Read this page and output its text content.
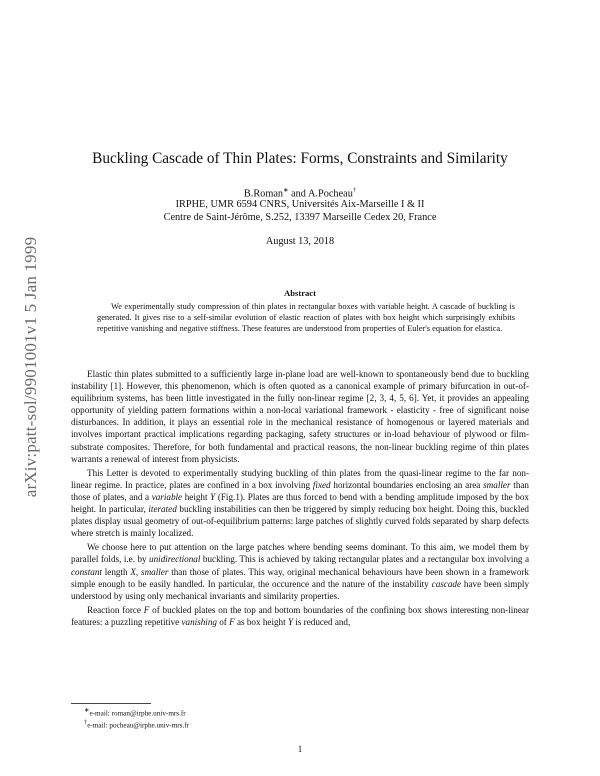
arXiv:patt-sol/9901001v1 5 Jan 1999
Buckling Cascade of Thin Plates: Forms, Constraints and Similarity
B.Roman∗ and A.Pocheau†
IRPHE, UMR 6594 CNRS, Universités Aix-Marseille I & II
Centre de Saint-Jérôme, S.252, 13397 Marseille Cedex 20, France
August 13, 2018
Abstract
We experimentally study compression of thin plates in rectangular boxes with variable height. A cascade of buckling is generated. It gives rise to a self-similar evolution of elastic reaction of plates with box height which surprisingly exhibits repetitive vanishing and negative stiffness. These features are understood from properties of Euler's equation for elastica.

Elastic thin plates submitted to a sufficiently large in-plane load are well-known to spontaneously bend due to buckling instability [1]. However, this phenomenon, which is often quoted as a canonical example of primary bifurcation in out-of-equilibrium systems, has been little investigated in the fully non-linear regime [2, 3, 4, 5, 6]. Yet, it provides an appealing opportunity of yielding pattern formations within a non-local variational framework - elasticity - free of significant noise disturbances. In addition, it plays an essential role in the mechanical resistance of homogenous or layered materials and involves important practical implications regarding packaging, safety structures or in-load behaviour of plywood or film-substrate composites. Therefore, for both fundamental and practical reasons, the non-linear buckling regime of thin plates warrants a renewal of interest from physicists.

This Letter is devoted to experimentally studying buckling of thin plates from the quasi-linear regime to the far non-linear regime. In practice, plates are confined in a box involving fixed horizontal boundaries enclosing an area smaller than those of plates, and a variable height Y (Fig.1). Plates are thus forced to bend with a bending amplitude imposed by the box height. In particular, iterated buckling instabilities can then be triggered by simply reducing box height. Doing this, buckled plates display usual geometry of out-of-equilibrium patterns: large patches of slightly curved folds separated by sharp defects where stretch is mainly localized.

We choose here to put attention on the large patches where bending seems dominant. To this aim, we model them by parallel folds, i.e. by unidirectional buckling. This is achieved by taking rectangular plates and a rectangular box involving a constant length X, smaller than those of plates. This way, original mechanical behaviours have been shown in a framework simple enough to be easily handled. In particular, the occurence and the nature of the instability cascade have been simply understood by using only mechanical invariants and similarity properties.

Reaction force F of buckled plates on the top and bottom boundaries of the confining box shows interesting non-linear features: a puzzling repetitive vanishing of F as box height Y is reduced and,

∗e-mail: roman@irphe.univ-mrs.fr
†e-mail: pocheau@irphe.univ-mrs.fr
1
